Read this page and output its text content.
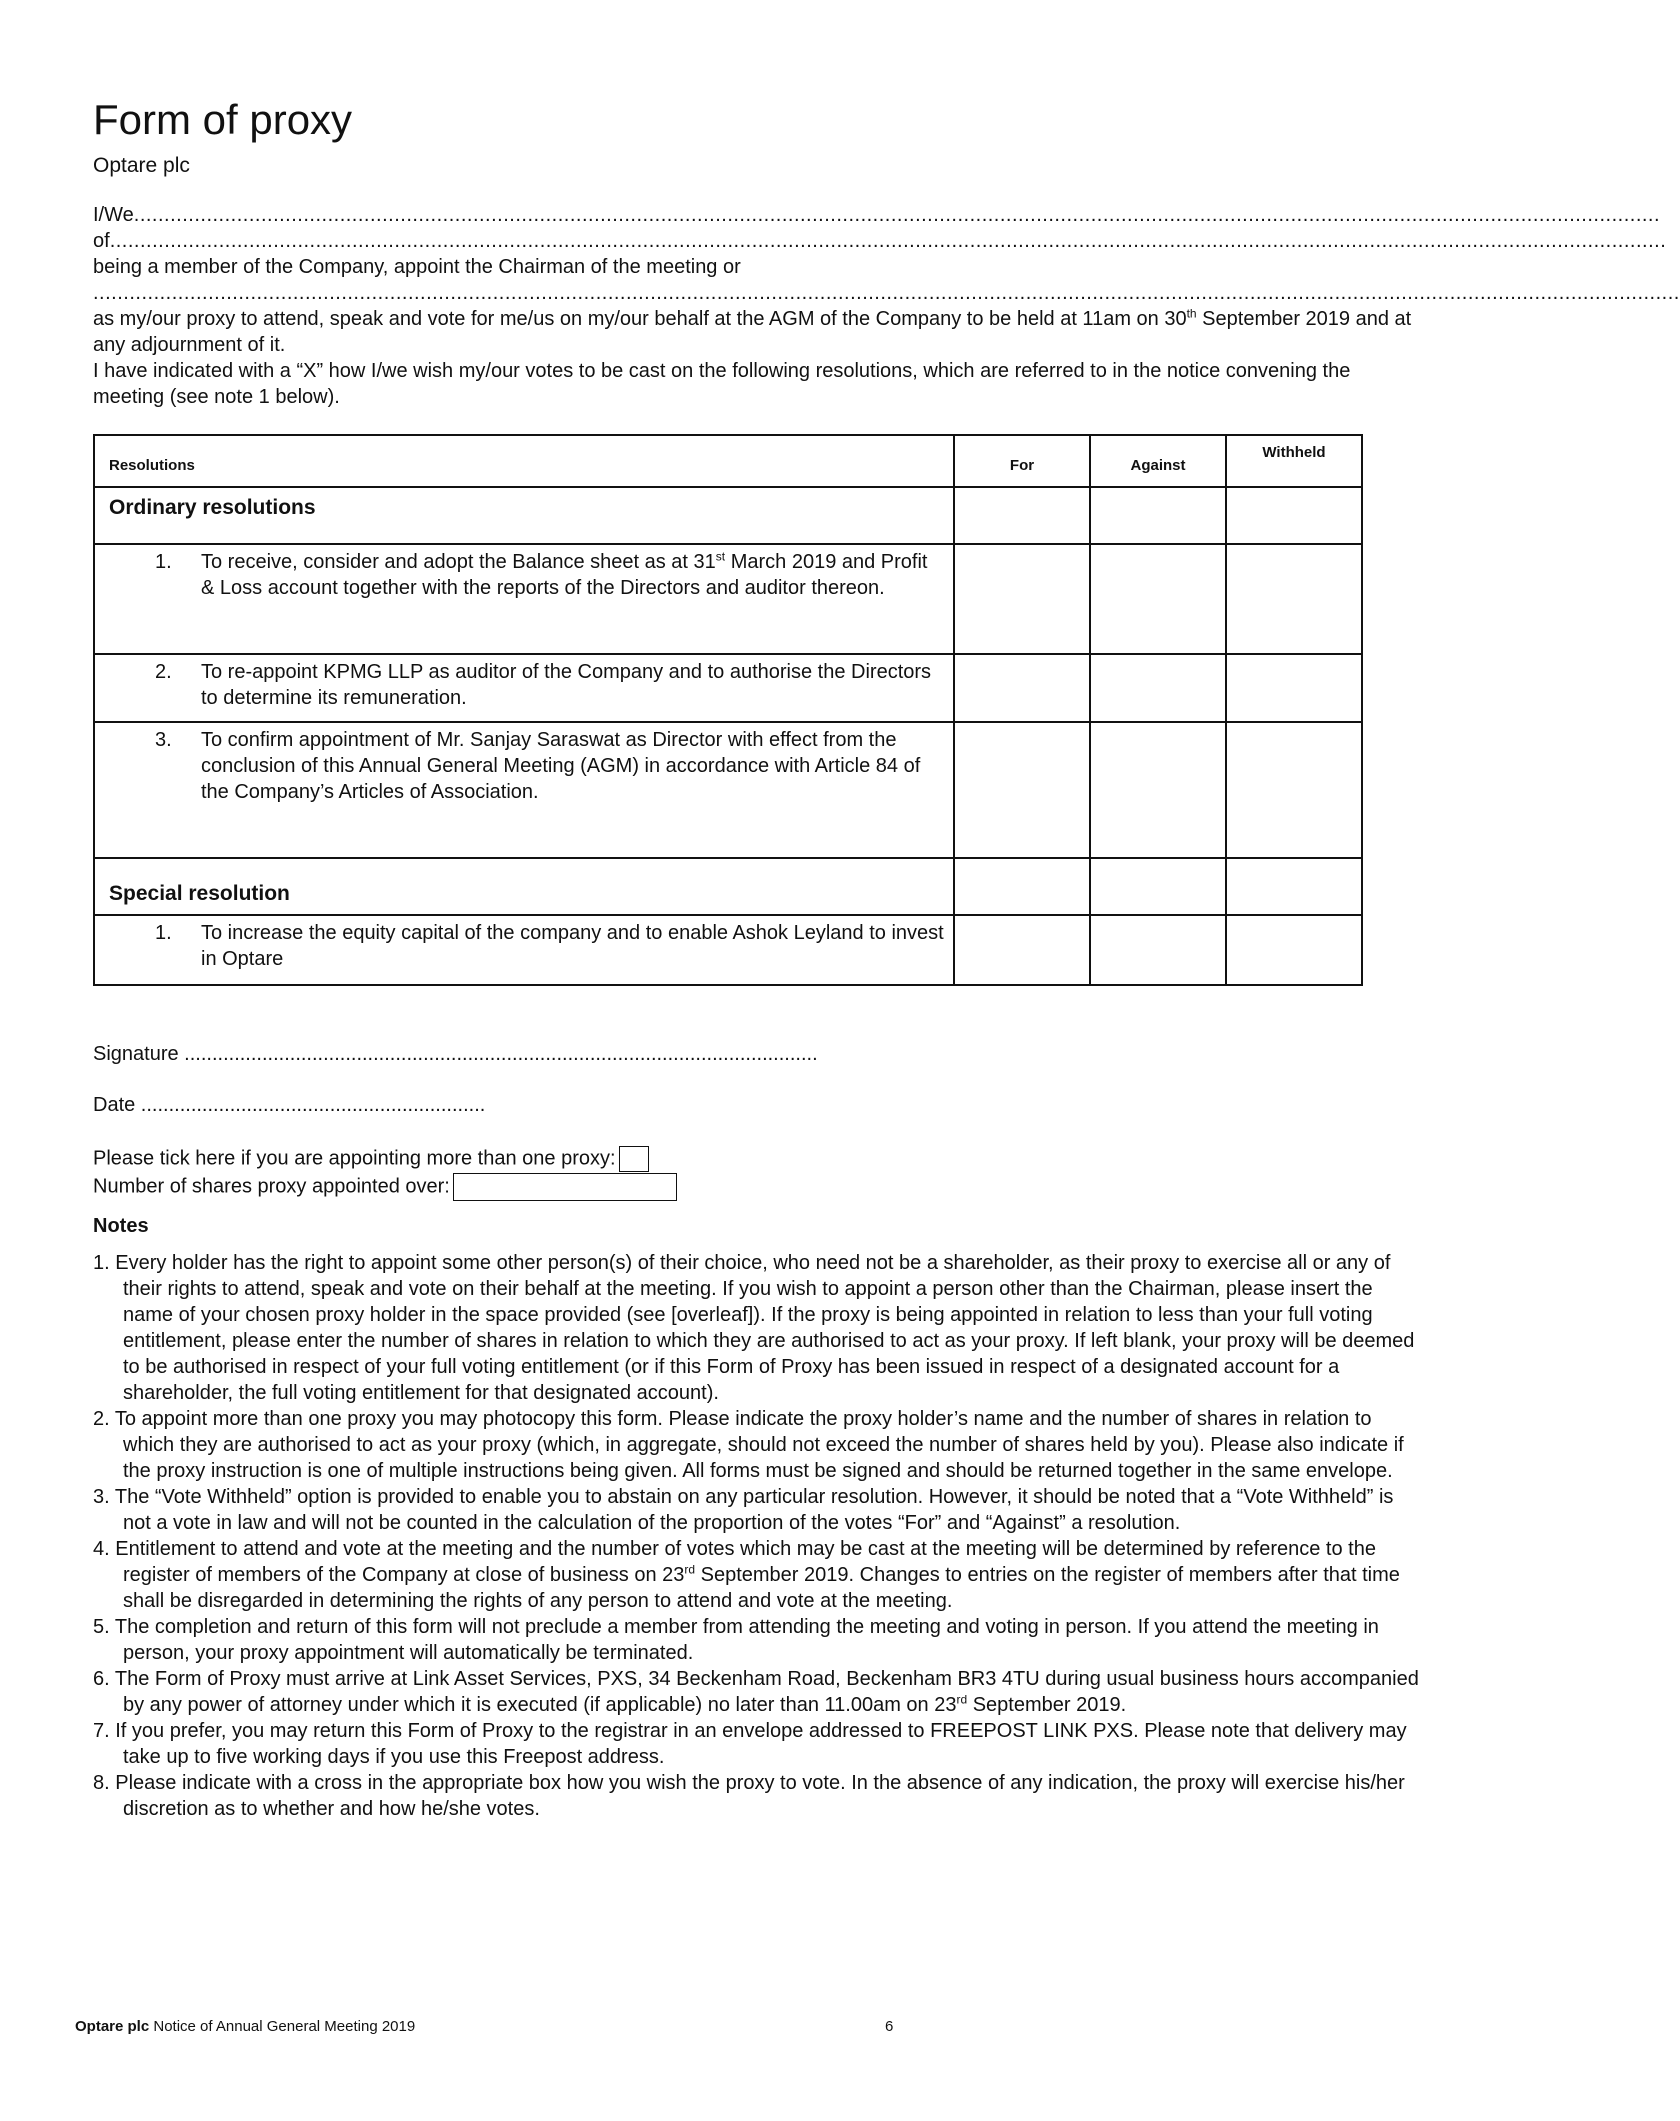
Form of proxy
Optare plc
I/We............................................................................................................................................................................................................................................................
of.................................................................................................................................................................................................................................................................
being a member of the Company, appoint the Chairman of the meeting or
......................................................................................................................................................................................................................................................................
as my/our proxy to attend, speak and vote for me/us on my/our behalf at the AGM of the Company to be held at 11am on 30th September 2019 and at any adjournment of it.
I have indicated with a “X” how I/we wish my/our votes to be cast on the following resolutions, which are referred to in the notice convening the meeting (see note 1 below).
Resolutions	For	Against	Withheld

Ordinary resolutions			

1. To receive, consider and adopt the Balance sheet as at 31st March 2019 and Profit & Loss account together with the reports of the Directors and auditor thereon.			

2. To re-appoint KPMG LLP as auditor of the Company and to authorise the Directors to determine its remuneration.			

3. To confirm appointment of Mr. Sanjay Saraswat as Director with effect from the conclusion of this Annual General Meeting (AGM) in accordance with Article 84 of the Company’s Articles of Association.			

Special resolution			

1. To increase the equity capital of the company and to enable Ashok Leyland to invest in Optare			

Signature ..................................................................................................................
Date ..............................................................
Please tick here if you are appointing more than one proxy:
Number of shares proxy appointed over:
Notes
1. Every holder has the right to appoint some other person(s) of their choice, who need not be a shareholder, as their proxy to exercise all or any of their rights to attend, speak and vote on their behalf at the meeting. If you wish to appoint a person other than the Chairman, please insert the name of your chosen proxy holder in the space provided (see [overleaf]). If the proxy is being appointed in relation to less than your full voting entitlement, please enter the number of shares in relation to which they are authorised to act as your proxy. If left blank, your proxy will be deemed to be authorised in respect of your full voting entitlement (or if this Form of Proxy has been issued in respect of a designated account for a shareholder, the full voting entitlement for that designated account).
2. To appoint more than one proxy you may photocopy this form. Please indicate the proxy holder’s name and the number of shares in relation to which they are authorised to act as your proxy (which, in aggregate, should not exceed the number of shares held by you). Please also indicate if the proxy instruction is one of multiple instructions being given. All forms must be signed and should be returned together in the same envelope.
3. The “Vote Withheld” option is provided to enable you to abstain on any particular resolution. However, it should be noted that a “Vote Withheld” is not a vote in law and will not be counted in the calculation of the proportion of the votes “For” and “Against” a resolution.
4. Entitlement to attend and vote at the meeting and the number of votes which may be cast at the meeting will be determined by reference to the register of members of the Company at close of business on 23rd September 2019. Changes to entries on the register of members after that time shall be disregarded in determining the rights of any person to attend and vote at the meeting.
5. The completion and return of this form will not preclude a member from attending the meeting and voting in person. If you attend the meeting in person, your proxy appointment will automatically be terminated.
6. The Form of Proxy must arrive at Link Asset Services, PXS, 34 Beckenham Road, Beckenham BR3 4TU during usual business hours accompanied by any power of attorney under which it is executed (if applicable) no later than 11.00am on 23rd September 2019.
7. If you prefer, you may return this Form of Proxy to the registrar in an envelope addressed to FREEPOST LINK PXS. Please note that delivery may take up to five working days if you use this Freepost address.
8. Please indicate with a cross in the appropriate box how you wish the proxy to vote. In the absence of any indication, the proxy will exercise his/her discretion as to whether and how he/she votes.
Optare plc Notice of Annual General Meeting 2019	6
